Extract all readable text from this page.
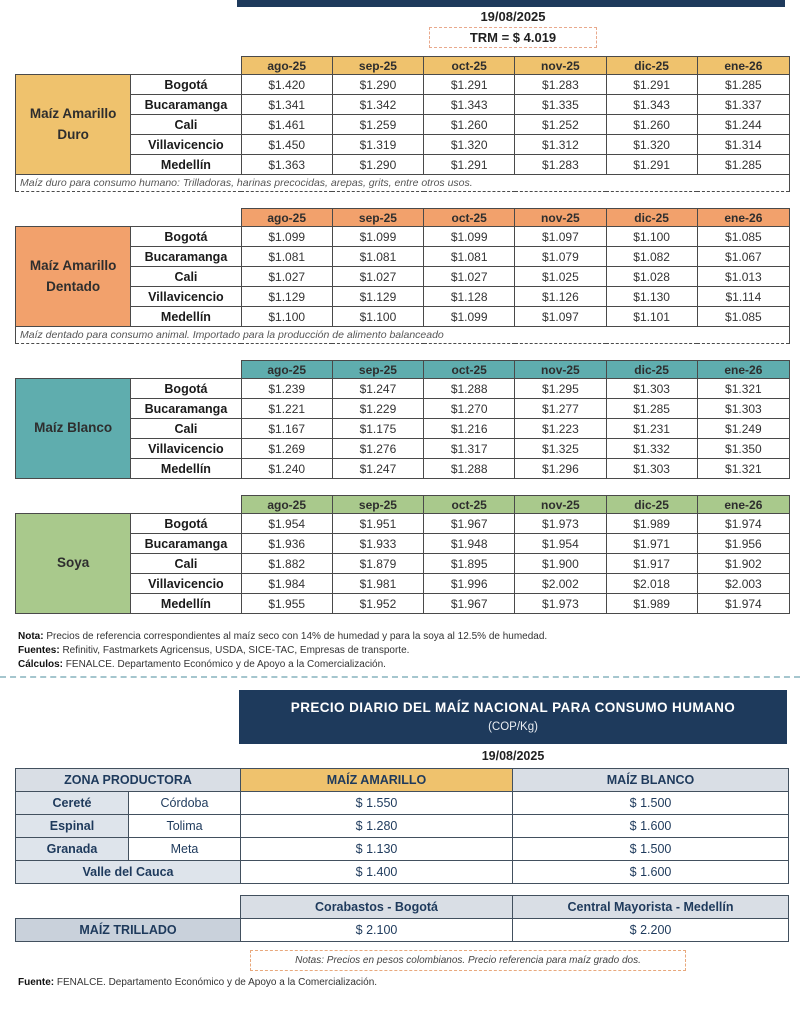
19/08/2025
TRM = $ 4.019
		ago-25	sep-25	oct-25	nov-25	dic-25	ene-26
Maíz Amarillo Duro	Bogotá	$1.420	$1.290	$1.291	$1.283	$1.291	$1.285
	Bucaramanga	$1.341	$1.342	$1.343	$1.335	$1.343	$1.337
	Cali	$1.461	$1.259	$1.260	$1.252	$1.260	$1.244
	Villavicencio	$1.450	$1.319	$1.320	$1.312	$1.320	$1.314
	Medellín	$1.363	$1.290	$1.291	$1.283	$1.291	$1.285
Maíz duro para consumo humano: Trilladoras, harinas precocidas, arepas, grits, entre otros usos.							
		ago-25	sep-25	oct-25	nov-25	dic-25	ene-26
Maíz Amarillo Dentado	Bogotá	$1.099	$1.099	$1.099	$1.097	$1.100	$1.085
	Bucaramanga	$1.081	$1.081	$1.081	$1.079	$1.082	$1.067
	Cali	$1.027	$1.027	$1.027	$1.025	$1.028	$1.013
	Villavicencio	$1.129	$1.129	$1.128	$1.126	$1.130	$1.114
	Medellín	$1.100	$1.100	$1.099	$1.097	$1.101	$1.085
Maíz dentado para consumo animal. Importado para la producción de alimento balanceado							
		ago-25	sep-25	oct-25	nov-25	dic-25	ene-26
Maíz Blanco	Bogotá	$1.239	$1.247	$1.288	$1.295	$1.303	$1.321
	Bucaramanga	$1.221	$1.229	$1.270	$1.277	$1.285	$1.303
	Cali	$1.167	$1.175	$1.216	$1.223	$1.231	$1.249
	Villavicencio	$1.269	$1.276	$1.317	$1.325	$1.332	$1.350
	Medellín	$1.240	$1.247	$1.288	$1.296	$1.303	$1.321
		ago-25	sep-25	oct-25	nov-25	dic-25	ene-26
Soya	Bogotá	$1.954	$1.951	$1.967	$1.973	$1.989	$1.974
	Bucaramanga	$1.936	$1.933	$1.948	$1.954	$1.971	$1.956
	Cali	$1.882	$1.879	$1.895	$1.900	$1.917	$1.902
	Villavicencio	$1.984	$1.981	$1.996	$2.002	$2.018	$2.003
	Medellín	$1.955	$1.952	$1.967	$1.973	$1.989	$1.974
Nota: Precios de referencia correspondientes al maíz seco con 14% de humedad y para la soya al 12.5% de humedad.
Fuentes: Refinitiv, Fastmarkets Agricensus, USDA, SICE-TAC, Empresas de transporte.
Cálculos: FENALCE. Departamento Económico y de Apoyo a la Comercialización.
PRECIO DIARIO DEL MAÍZ NACIONAL PARA CONSUMO HUMANO
(COP/Kg)
19/08/2025
ZONA PRODUCTORA		MAÍZ AMARILLO	MAÍZ BLANCO
Cereté	Córdoba	$ 1.550	$ 1.500
Espinal	Tolima	$ 1.280	$ 1.600
Granada	Meta	$ 1.130	$ 1.500
Valle del Cauca		$ 1.400	$ 1.600
	Corabastos - Bogotá	Central Mayorista - Medellín
MAÍZ TRILLADO	$ 2.100	$ 2.200
Notas: Precios en pesos colombianos. Precio referencia para maíz grado dos.
Fuente: FENALCE. Departamento Económico y de Apoyo a la Comercialización.
